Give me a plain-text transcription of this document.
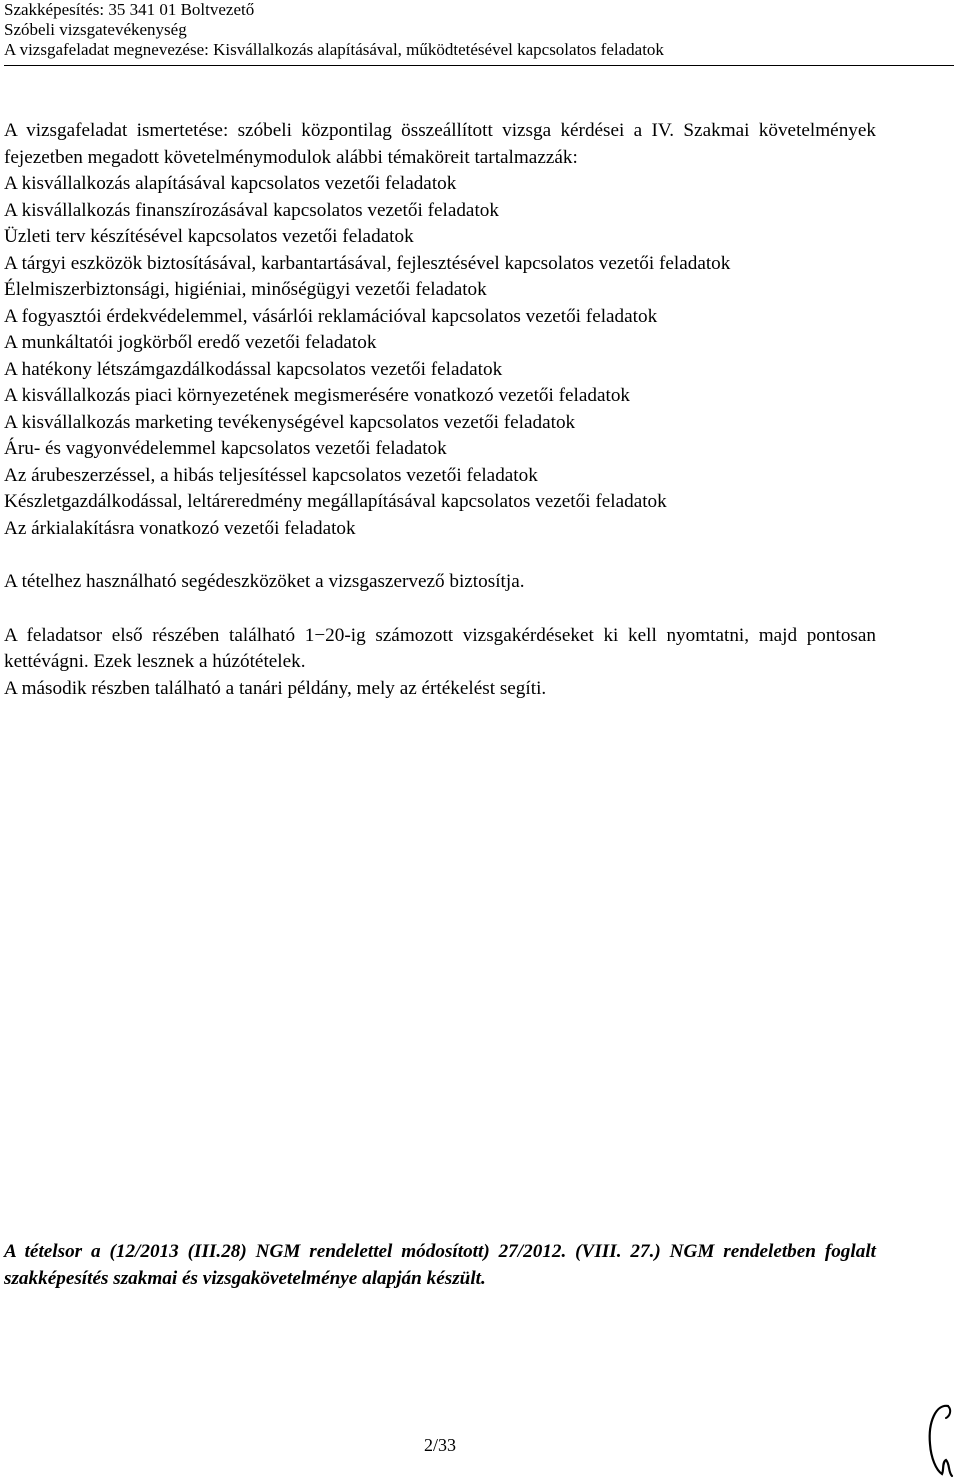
Szakképesítés: 35 341 01 Boltvezető
Szóbeli vizsgatevékenység
A vizsgafeladat megnevezése: Kisvállalkozás alapításával, működtetésével kapcsolatos feladatok

A vizsgafeladat ismertetése: szóbeli központilag összeállított vizsga kérdései a IV. Szakmai követelmények fejezetben megadott követelménymodulok alábbi témaköreit tartalmazzák:

A kisvállalkozás alapításával kapcsolatos vezetői feladatok
A kisvállalkozás finanszírozásával kapcsolatos vezetői feladatok
Üzleti terv készítésével kapcsolatos vezetői feladatok
A tárgyi eszközök biztosításával, karbantartásával, fejlesztésével kapcsolatos vezetői feladatok
Élelmiszerbiztonsági, higiéniai, minőségügyi vezetői feladatok
A fogyasztói érdekvédelemmel, vásárlói reklamációval kapcsolatos vezetői feladatok
A munkáltatói jogkörből eredő vezetői feladatok
A hatékony létszámgazdálkodással kapcsolatos vezetői feladatok
A kisvállalkozás piaci környezetének megismerésére vonatkozó vezetői feladatok
A kisvállalkozás marketing tevékenységével kapcsolatos vezetői feladatok
Áru- és vagyonvédelemmel kapcsolatos vezetői feladatok
Az árubeszerzéssel, a hibás teljesítéssel kapcsolatos vezetői feladatok
Készletgazdálkodással, leltáreredmény megállapításával kapcsolatos vezetői feladatok
Az árkialakításra vonatkozó vezetői feladatok

A tételhez használható segédeszközöket a vizsgaszervező biztosítja.

A feladatsor első részében található 1−20-ig számozott vizsgakérdéseket ki kell nyomtatni, majd pontosan kettévágni. Ezek lesznek a húzótételek.

A második részben található a tanári példány, mely az értékelést segíti.

A tételsor a (12/2013 (III.28) NGM rendelettel módosított) 27/2012. (VIII. 27.) NGM rendeletben foglalt szakképesítés szakmai és vizsgakövetelménye alapján készült.
2/33
